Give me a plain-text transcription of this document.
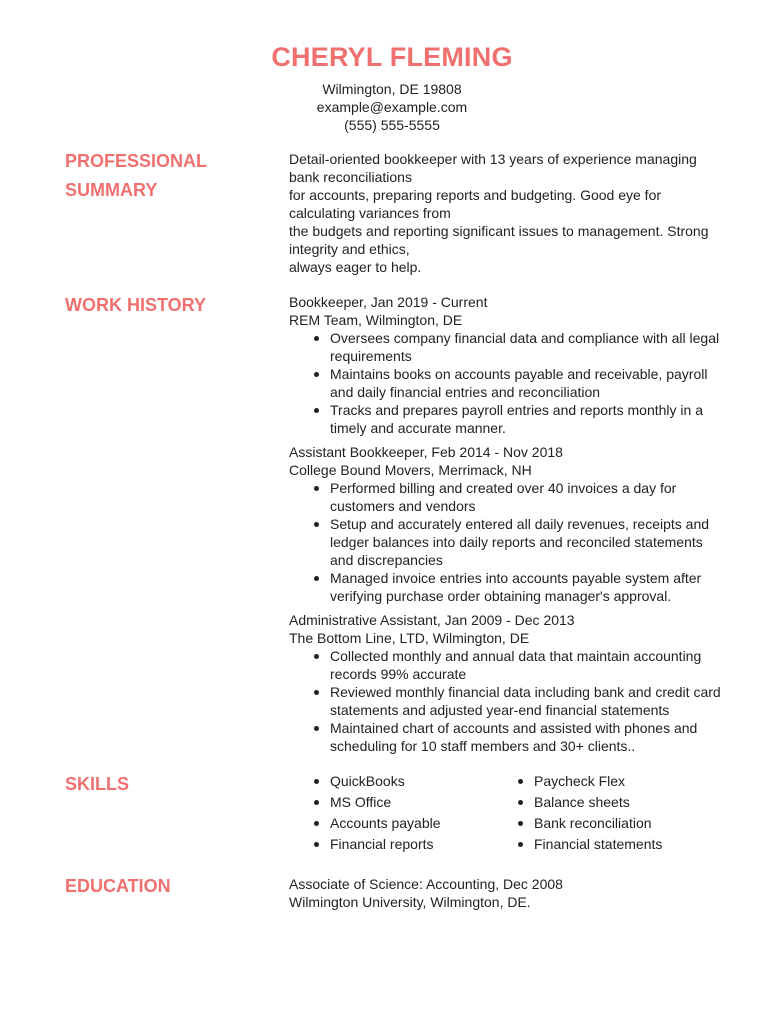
CHERYL FLEMING
Wilmington, DE 19808
example@example.com
(555) 555-5555
PROFESSIONAL
SUMMARY
Detail-oriented bookkeeper with 13 years of experience managing
bank reconciliations
for accounts, preparing reports and budgeting. Good eye for
calculating variances from
the budgets and reporting significant issues to management. Strong
integrity and ethics,
always eager to help.
WORK HISTORY	Bookkeeper, Jan 2019 - Current
REM Team, Wilmington, DE
Oversees company financial data and compliance with all legal
requirements
Maintains books on accounts payable and receivable, payroll
and daily financial entries and reconciliation
Tracks and prepares payroll entries and reports monthly in a
timely and accurate manner.
Assistant Bookkeeper, Feb 2014 - Nov 2018
College Bound Movers, Merrimack, NH
Performed billing and created over 40 invoices a day for
customers and vendors
Setup and accurately entered all daily revenues, receipts and
ledger balances into daily reports and reconciled statements
and discrepancies
Managed invoice entries into accounts payable system after
verifying purchase order obtaining manager's approval.
Administrative Assistant, Jan 2009 - Dec 2013
The Bottom Line, LTD, Wilmington, DE
Collected monthly and annual data that maintain accounting
records 99% accurate
Reviewed monthly financial data including bank and credit card
statements and adjusted year-end financial statements
Maintained chart of accounts and assisted with phones and
scheduling for 10 staff members and 30+ clients..
SKILLS	QuickBooks
MS Office
Accounts payable
Financial reports
Paycheck Flex
Balance sheets
Bank reconciliation
Financial statements
EDUCATION	Associate of Science: Accounting, Dec 2008
Wilmington University, Wilmington, DE.
